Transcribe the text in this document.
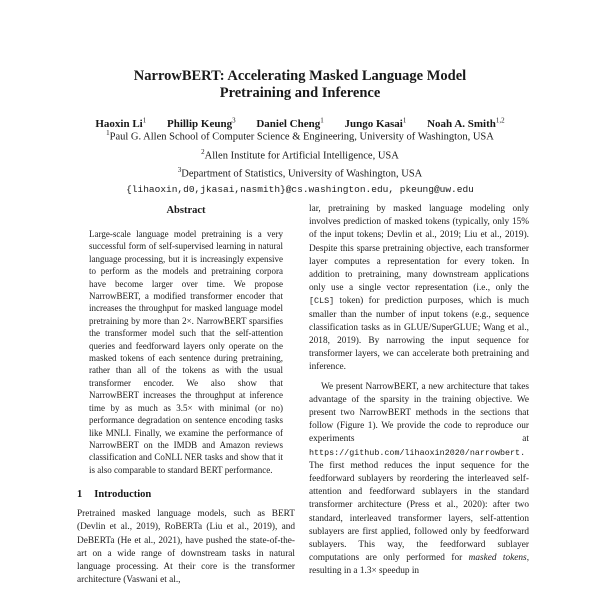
NarrowBERT: Accelerating Masked Language Model
Pretraining and Inference
Haoxin Li$^1$ Phillip Keung$^3$ Daniel Cheng$^1$ Jungo Kasai$^1$ Noah A. Smith$^{1,2}$
$^1$Paul G. Allen School of Computer Science & Engineering, University of Washington, USA
$^2$Allen Institute for Artificial Intelligence, USA
$^3$Department of Statistics, University of Washington, USA
{lihaoxin,d0,jkasai,nasmith}@cs.washington.edu, pkeung@uw.edu
Abstract
Large-scale language model pretraining is a very successful form of self-supervised learning in natural language processing, but it is increasingly expensive to perform as the models and pretraining corpora have become larger over time. We propose NarrowBERT, a modified transformer encoder that increases the throughput for masked language model pretraining by more than 2×. NarrowBERT sparsifies the transformer model such that the self-attention queries and feedforward layers only operate on the masked tokens of each sentence during pretraining, rather than all of the tokens as with the usual transformer encoder. We also show that NarrowBERT increases the throughput at inference time by as much as 3.5× with minimal (or no) performance degradation on sentence encoding tasks like MNLI. Finally, we examine the performance of NarrowBERT on the IMDB and Amazon reviews classification and CoNLL NER tasks and show that it is also comparable to standard BERT performance.
1 Introduction

Pretrained masked language models, such as BERT (Devlin et al., 2019), RoBERTa (Liu et al., 2019), and DeBERTa (He et al., 2021), have pushed the state-of-the-art on a wide range of downstream tasks in natural language processing. At their core is the transformer architecture (Vaswani et al.,

lar, pretraining by masked language modeling only involves prediction of masked tokens (typically, only 15% of the input tokens; Devlin et al., 2019; Liu et al., 2019). Despite this sparse pretraining objective, each transformer layer computes a representation for every token. In addition to pretraining, many downstream applications only use a single vector representation (i.e., only the [CLS] token) for prediction purposes, which is much smaller than the number of input tokens (e.g., sequence classification tasks as in GLUE/SuperGLUE; Wang et al., 2018, 2019). By narrowing the input sequence for transformer layers, we can accelerate both pretraining and inference.

We present NarrowBERT, a new architecture that takes advantage of the sparsity in the training objective. We present two NarrowBERT methods in the sections that follow (Figure 1). We provide the code to reproduce our experiments at https://github.com/lihaoxin2020/narrowbert. The first method reduces the input sequence for the feedforward sublayers by reordering the interleaved self-attention and feedforward sublayers in the standard transformer architecture (Press et al., 2020): after two standard, interleaved transformer layers, self-attention sublayers are first applied, followed only by feedforward sublayers. This way, the feedforward sublayer computations are only performed for masked tokens, resulting in a 1.3× speedup in
